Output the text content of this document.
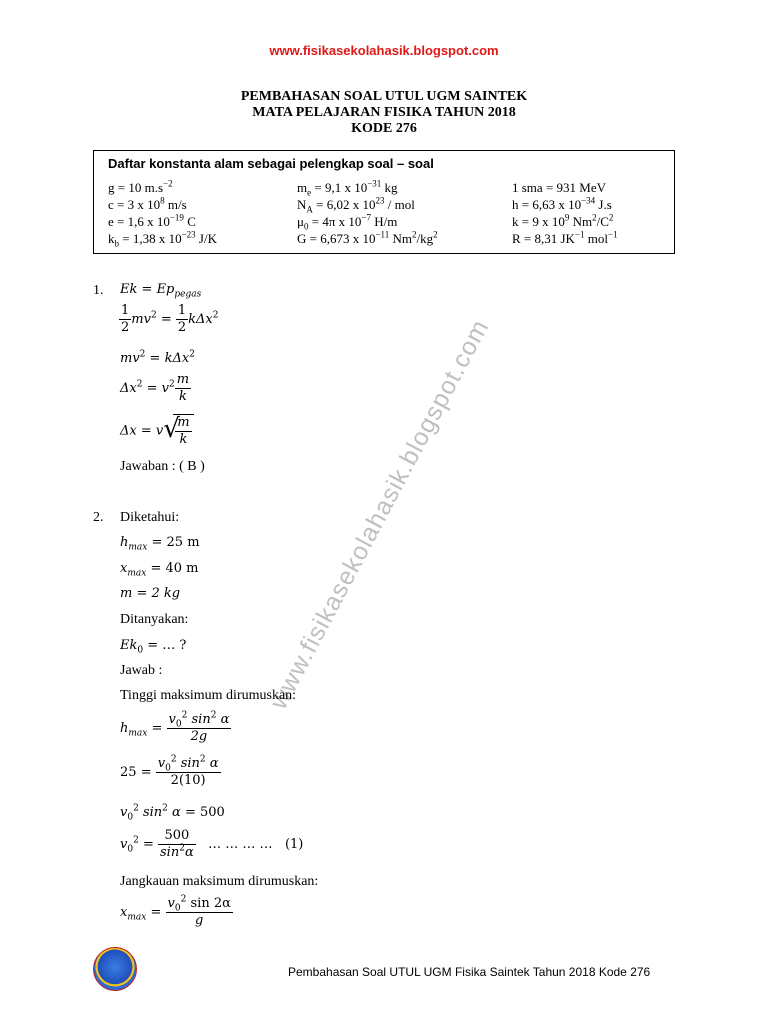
www.fisikasekolahasik.blogspot.com
PEMBAHASAN SOAL UTUL UGM SAINTEK
MATA PELAJARAN FISIKA TAHUN 2018
KODE 276
Daftar konstanta alam sebagai pelengkap soal – soal
g = 10 $m.s^{-2}$
c = 3 x $10^8$ m/s
e = 1,6 x $10^{-19}$ C
$k_b = 1,38$ x $10^{-23}$ J/K
$m_e = 9,1$ x $10^{-31}$ kg
$N_A = 6,02$ x $10^{23}$ / mol
$\mu_0 = 4\pi$ x $10^{-7}$ H/m
G = 6,673 x $10^{-11}$ $Nm^2/kg^2$
1 sma = 931 MeV
h = 6,63 x $10^{-34}$ J.s
k = 9 x $10^9$ $Nm^2/C^2$
R = 8,31 $JK^{-1}$ mol$^{-1}$
www.fisikasekolahasik.blogspot.com
1. $Ek = Ep_{pegas}$
$\frac{1}{2} mv^2 = \frac{1}{2} k\Delta x^2$
$mv^2 = k\Delta x^2$
$\Delta x^2 = v^2 \frac{m}{k}$
Δx = v √
$\frac{m}{k}$
Jawaban : ( B )
2. Diketahui:
$h_{max} = 25$ m
$x_{max} = 40$ m
m = 2 kg
Ditanyakan:
$Ek_0$ = … ?
Jawab :
Tinggi maksimum dirumuskan:
$h_{max} = \frac{v_0^2 \sin^2 \alpha}{2g}$
$25 = \frac{v_0^2 \sin^2 \alpha}{2(10)}$
$v_0^2$ $\sin^2 \alpha = 500$
$v_0^2 = \frac{500}{\sin^2\alpha}$ … … … … (1)
Jangkauan maksimum dirumuskan:
$x_{max} = \frac{v_0^2 \sin 2\alpha}{g}$
Pembahasan Soal UTUL UGM Fisika Saintek Tahun 2018 Kode 276
